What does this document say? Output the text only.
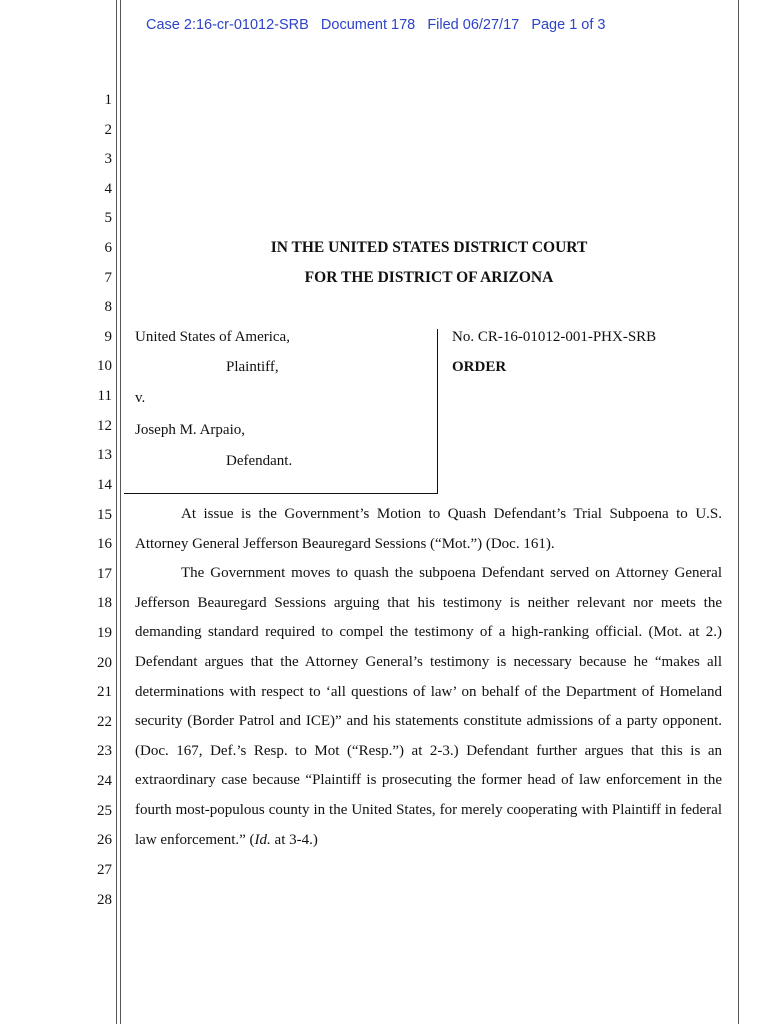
Case 2:16-cr-01012-SRB Document 178 Filed 06/27/17 Page 1 of 3
1
2
3
4
5
6
7
8
9
10
11
12
13
14
15
16
17
18
19
20
21
22
23
24
25
26
27
28
IN THE UNITED STATES DISTRICT COURT
FOR THE DISTRICT OF ARIZONA
United States of America,
Plaintiff,
v.
Joseph M. Arpaio,
Defendant.
No. CR-16-01012-001-PHX-SRB
ORDER

At issue is the Government’s Motion to Quash Defendant’s Trial Subpoena to U.S. Attorney General Jefferson Beauregard Sessions (“Mot.”) (Doc. 161).

The Government moves to quash the subpoena Defendant served on Attorney General Jefferson Beauregard Sessions arguing that his testimony is neither relevant nor meets the demanding standard required to compel the testimony of a high-ranking official. (Mot. at 2.) Defendant argues that the Attorney General’s testimony is necessary because he “makes all determinations with respect to ‘all questions of law’ on behalf of the Department of Homeland security (Border Patrol and ICE)” and his statements constitute admissions of a party opponent. (Doc. 167, Def.’s Resp. to Mot (“Resp.”) at 2-3.) Defendant further argues that this is an extraordinary case because “Plaintiff is prosecuting the former head of law enforcement in the fourth most-populous county in the United States, for merely cooperating with Plaintiff in federal law enforcement.” (Id. at 3-4.)
